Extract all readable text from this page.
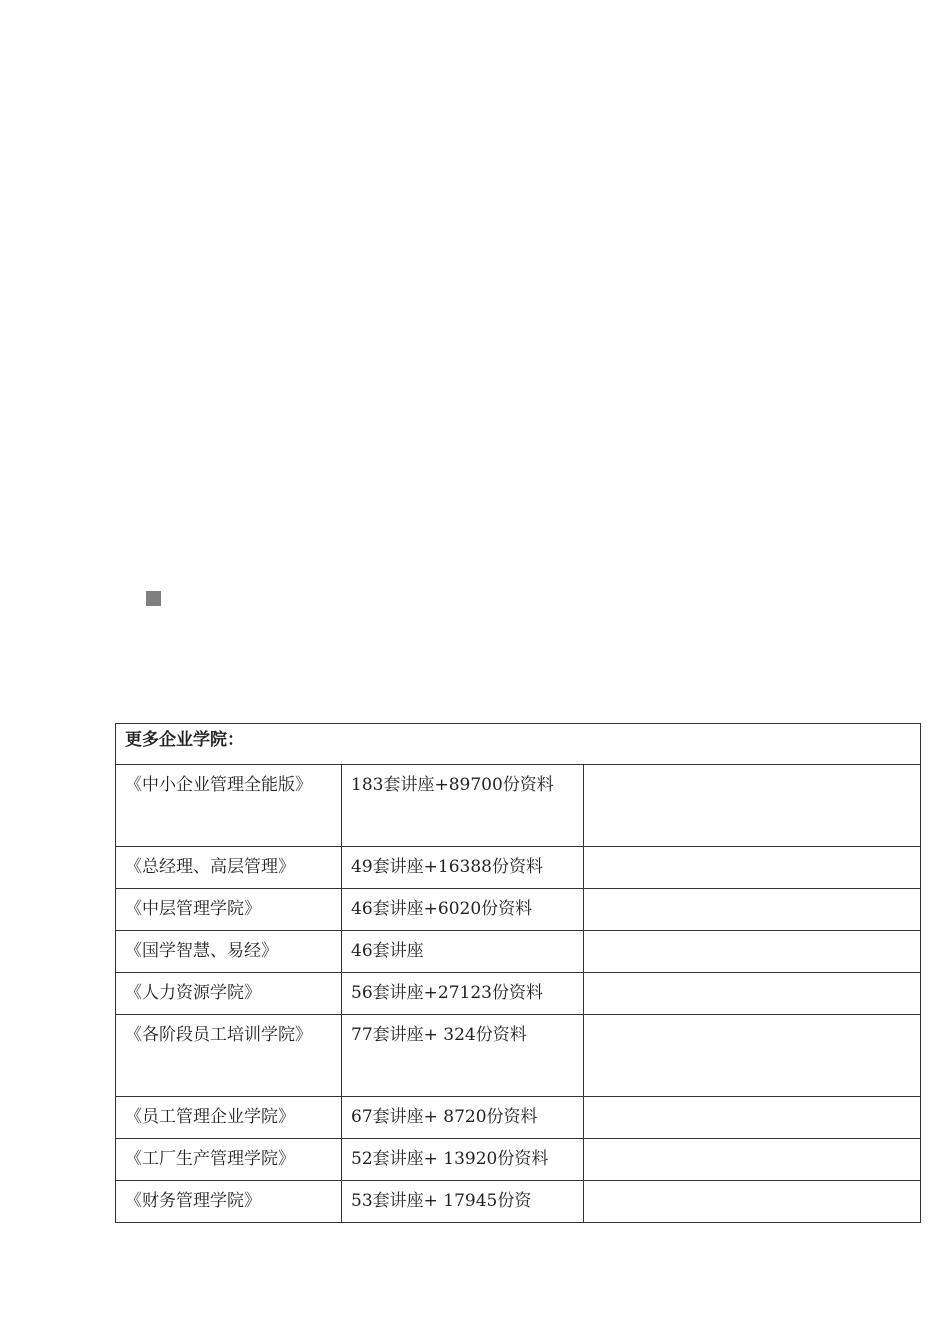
更多企业学院：		

《中小企业管理全能版》	183套讲座+89700份资料	

《总经理、高层管理》	49套讲座+16388份资料	

《中层管理学院》	46套讲座+6020份资料	

《国学智慧、易经》	46套讲座	

《人力资源学院》	56套讲座+27123份资料	

《各阶段员工培训学院》	77套讲座+ 324份资料	

《员工管理企业学院》	67套讲座+ 8720份资料	

《工厂生产管理学院》	52套讲座+ 13920份资料	

《财务管理学院》	53套讲座+ 17945份资	
